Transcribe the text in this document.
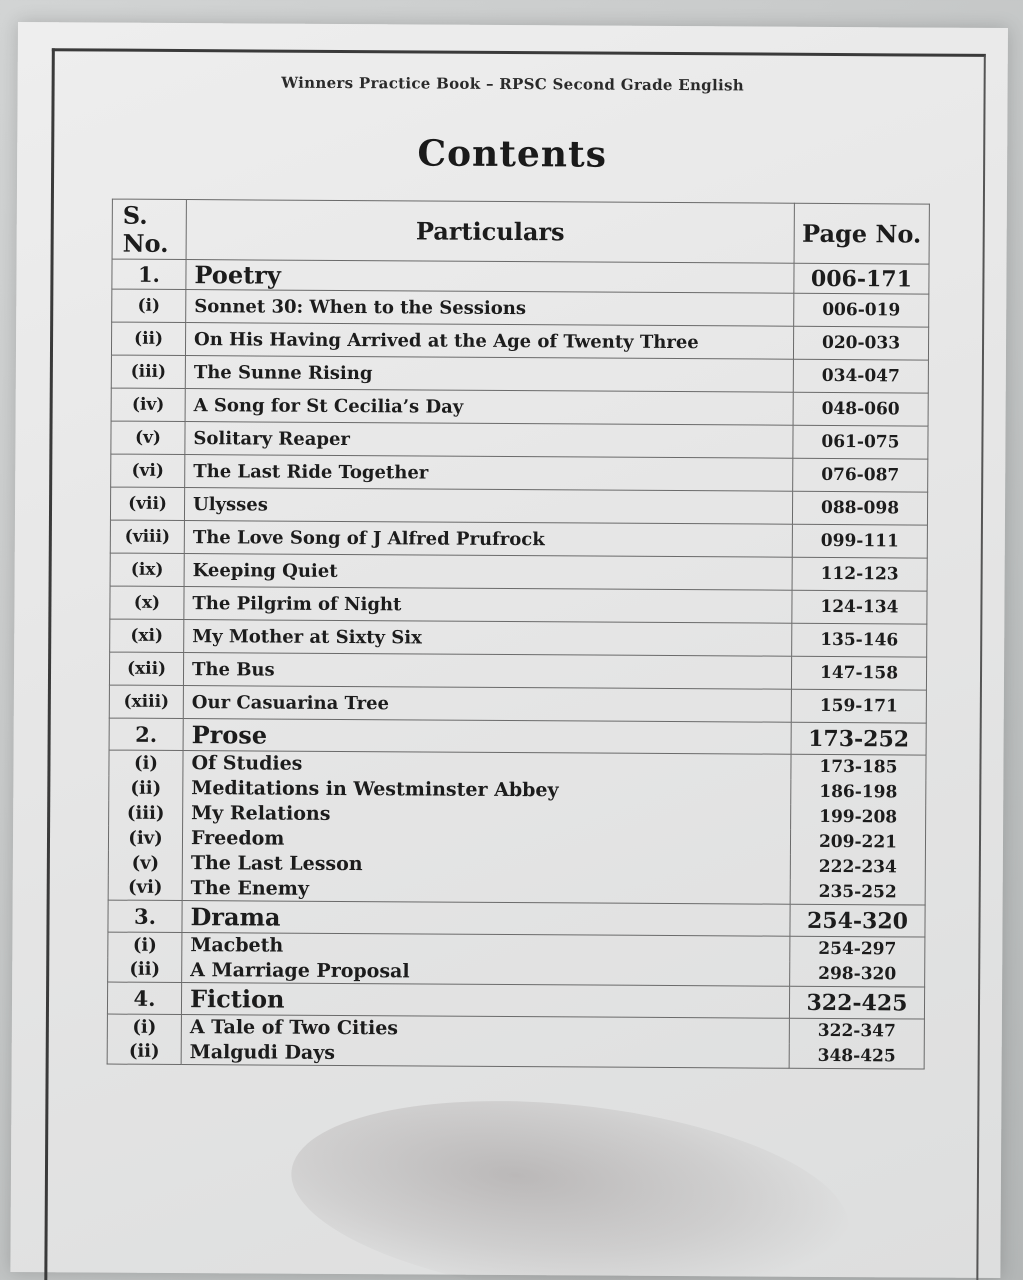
Winners Practice Book – RPSC Second Grade English
Contents
S. No.	Particulars	Page No.
1.	Poetry	006-171
(i)	Sonnet 30: When to the Sessions	006-019
(ii)	On His Having Arrived at the Age of Twenty Three	020-033
(iii)	The Sunne Rising	034-047
(iv)	A Song for St Cecilia’s Day	048-060
(v)	Solitary Reaper	061-075
(vi)	The Last Ride Together	076-087
(vii)	Ulysses	088-098
(viii)	The Love Song of J Alfred Prufrock	099-111
(ix)	Keeping Quiet	112-123
(x)	The Pilgrim of Night	124-134
(xi)	My Mother at Sixty Six	135-146
(xii)	The Bus	147-158
(xiii)	Our Casuarina Tree	159-171
2.	Prose	173-252
(i)	Of Studies	173-185
(ii)	Meditations in Westminster Abbey	186-198
(iii)	My Relations	199-208
(iv)	Freedom	209-221
(v)	The Last Lesson	222-234
(vi)	The Enemy	235-252
3.	Drama	254-320
(i)	Macbeth	254-297
(ii)	A Marriage Proposal	298-320
4.	Fiction	322-425
(i)	A Tale of Two Cities	322-347
(ii)	Malgudi Days	348-425
